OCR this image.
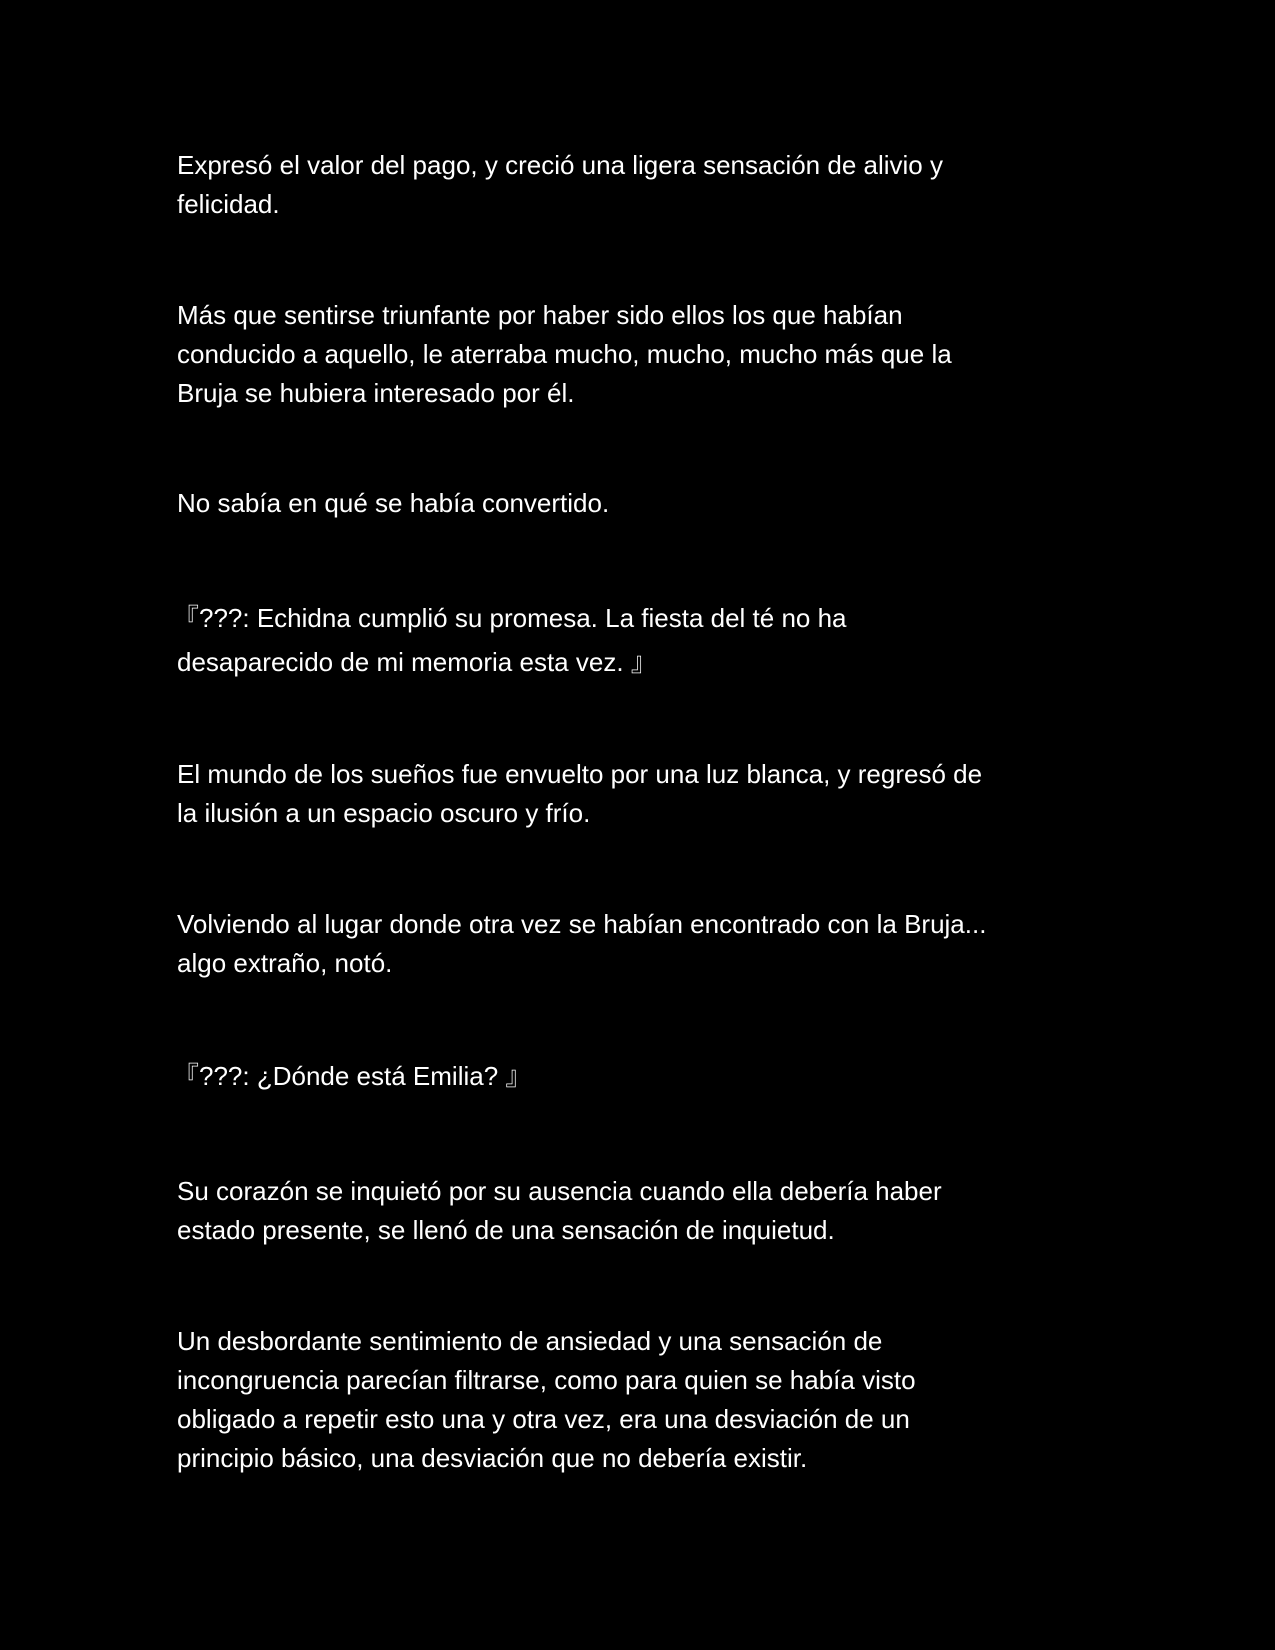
Expresó el valor del pago, y creció una ligera sensación de alivio y
felicidad.

Más que sentirse triunfante por haber sido ellos los que habían
conducido a aquello, le aterraba mucho, mucho, mucho más que la
Bruja se hubiera interesado por él.

No sabía en qué se había convertido.

『???: Echidna cumplió su promesa. La fiesta del té no ha
desaparecido de mi memoria esta vez. 』

El mundo de los sueños fue envuelto por una luz blanca, y regresó de
la ilusión a un espacio oscuro y frío.

Volviendo al lugar donde otra vez se habían encontrado con la Bruja...
algo extraño, notó.

『???: ¿Dónde está Emilia? 』

Su corazón se inquietó por su ausencia cuando ella debería haber
estado presente, se llenó de una sensación de inquietud.

Un desbordante sentimiento de ansiedad y una sensación de
incongruencia parecían filtrarse, como para quien se había visto
obligado a repetir esto una y otra vez, era una desviación de un
principio básico, una desviación que no debería existir.
